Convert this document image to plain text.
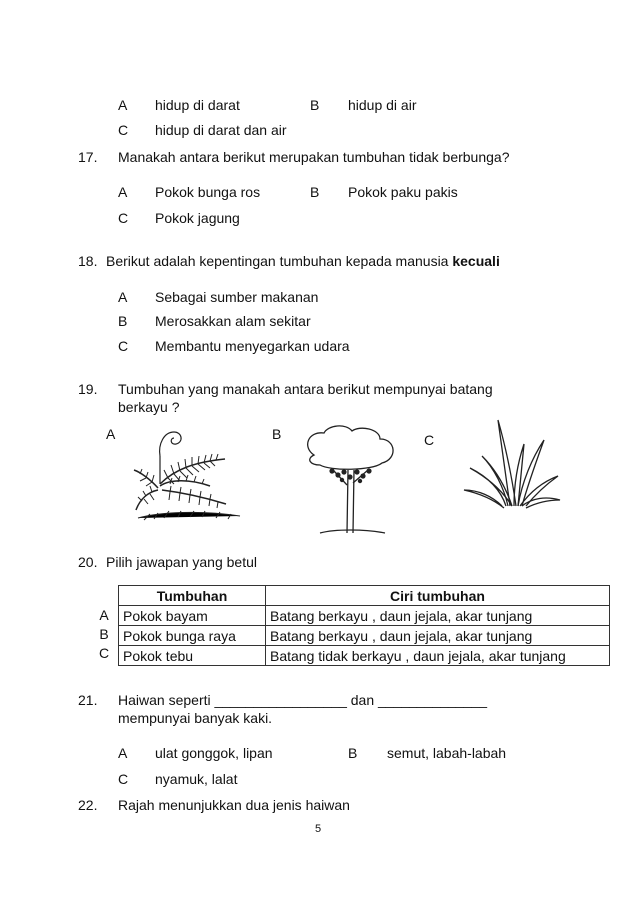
A hidup di darat	B hidup di air
C hidup di darat dan air
17. Manakah antara berikut merupakan tumbuhan tidak berbunga?
A Pokok bunga ros	B Pokok paku pakis
C Pokok jagung
18. Berikut adalah kepentingan tumbuhan kepada manusia kecuali
A Sebagai sumber makanan
B Merosakkan alam sekitar
C Membantu menyegarkan udara
19. Tumbuhan yang manakah antara berikut mempunyai batang
berkayu ?
A	B	C
20. Pilih jawapan yang betul
A
B
C
Tumbuhan	Ciri tumbuhan
Pokok bayam	Batang berkayu , daun jejala, akar tunjang
Pokok bunga raya	Batang berkayu , daun jejala, akar tunjang
Pokok tebu	Batang tidak berkayu , daun jejala, akar tunjang
21. Haiwan seperti _________________ dan ______________
mempunyai banyak kaki.
A ulat gonggok, lipan	B semut, labah-labah
C nyamuk, lalat
22. Rajah menunjukkan dua jenis haiwan
5
